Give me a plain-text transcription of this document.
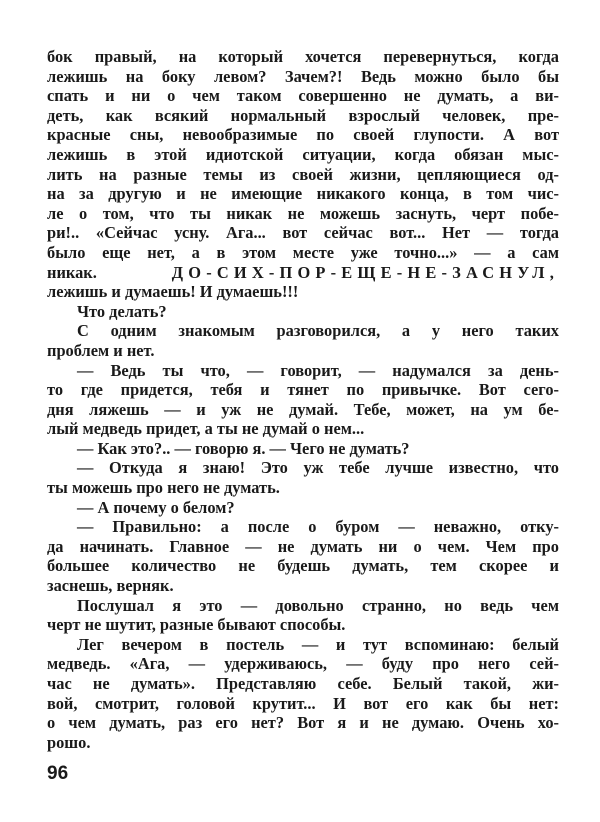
бок правый, на который хочется перевернуться, когда
лежишь на боку левом? Зачем?! Ведь можно было бы
спать и ни о чем таком совершенно не думать, а ви-
деть, как всякий нормальный взрослый человек, пре-
красные сны, невообразимые по своей глупости. А вот
лежишь в этой идиотской ситуации, когда обязан мыс-
лить на разные темы из своей жизни, цепляющиеся од-
на за другую и не имеющие никакого конца, в том чис-
ле о том, что ты никак не можешь заснуть, черт побе-
ри!.. «Сейчас усну. Ага... вот сейчас вот... Нет — тогда
было еще нет, а в этом месте уже точно...» — а сам
никак.	ДО-СИХ-ПОР-ЕЩЕ-НЕ-ЗАСНУЛ,
лежишь и думаешь! И думаешь!!!
Что делать?
С одним знакомым разговорился, а у него таких
проблем и нет.
— Ведь ты что, — говорит, — надумался за день-
то где придется, тебя и тянет по привычке. Вот сего-
дня ляжешь — и уж не думай. Тебе, может, на ум бе-
лый медведь придет, а ты не думай о нем...
— Как это?.. — говорю я. — Чего не думать?
— Откуда я знаю! Это уж тебе лучше известно, что
ты можешь про него не думать.
— А почему о белом?
— Правильно: а после о буром — неважно, отку-
да начинать. Главное — не думать ни о чем. Чем про
большее количество не будешь думать, тем скорее и
заснешь, верняк.
Послушал я это — довольно странно, но ведь чем
черт не шутит, разные бывают способы.
Лег вечером в постель — и тут вспоминаю: белый
медведь. «Ага, — удерживаюсь, — буду про него сей-
час не думать». Представляю себе. Белый такой, жи-
вой, смотрит, головой крутит... И вот его как бы нет:
о чем думать, раз его нет? Вот я и не думаю. Очень хо-
рошо.
96
